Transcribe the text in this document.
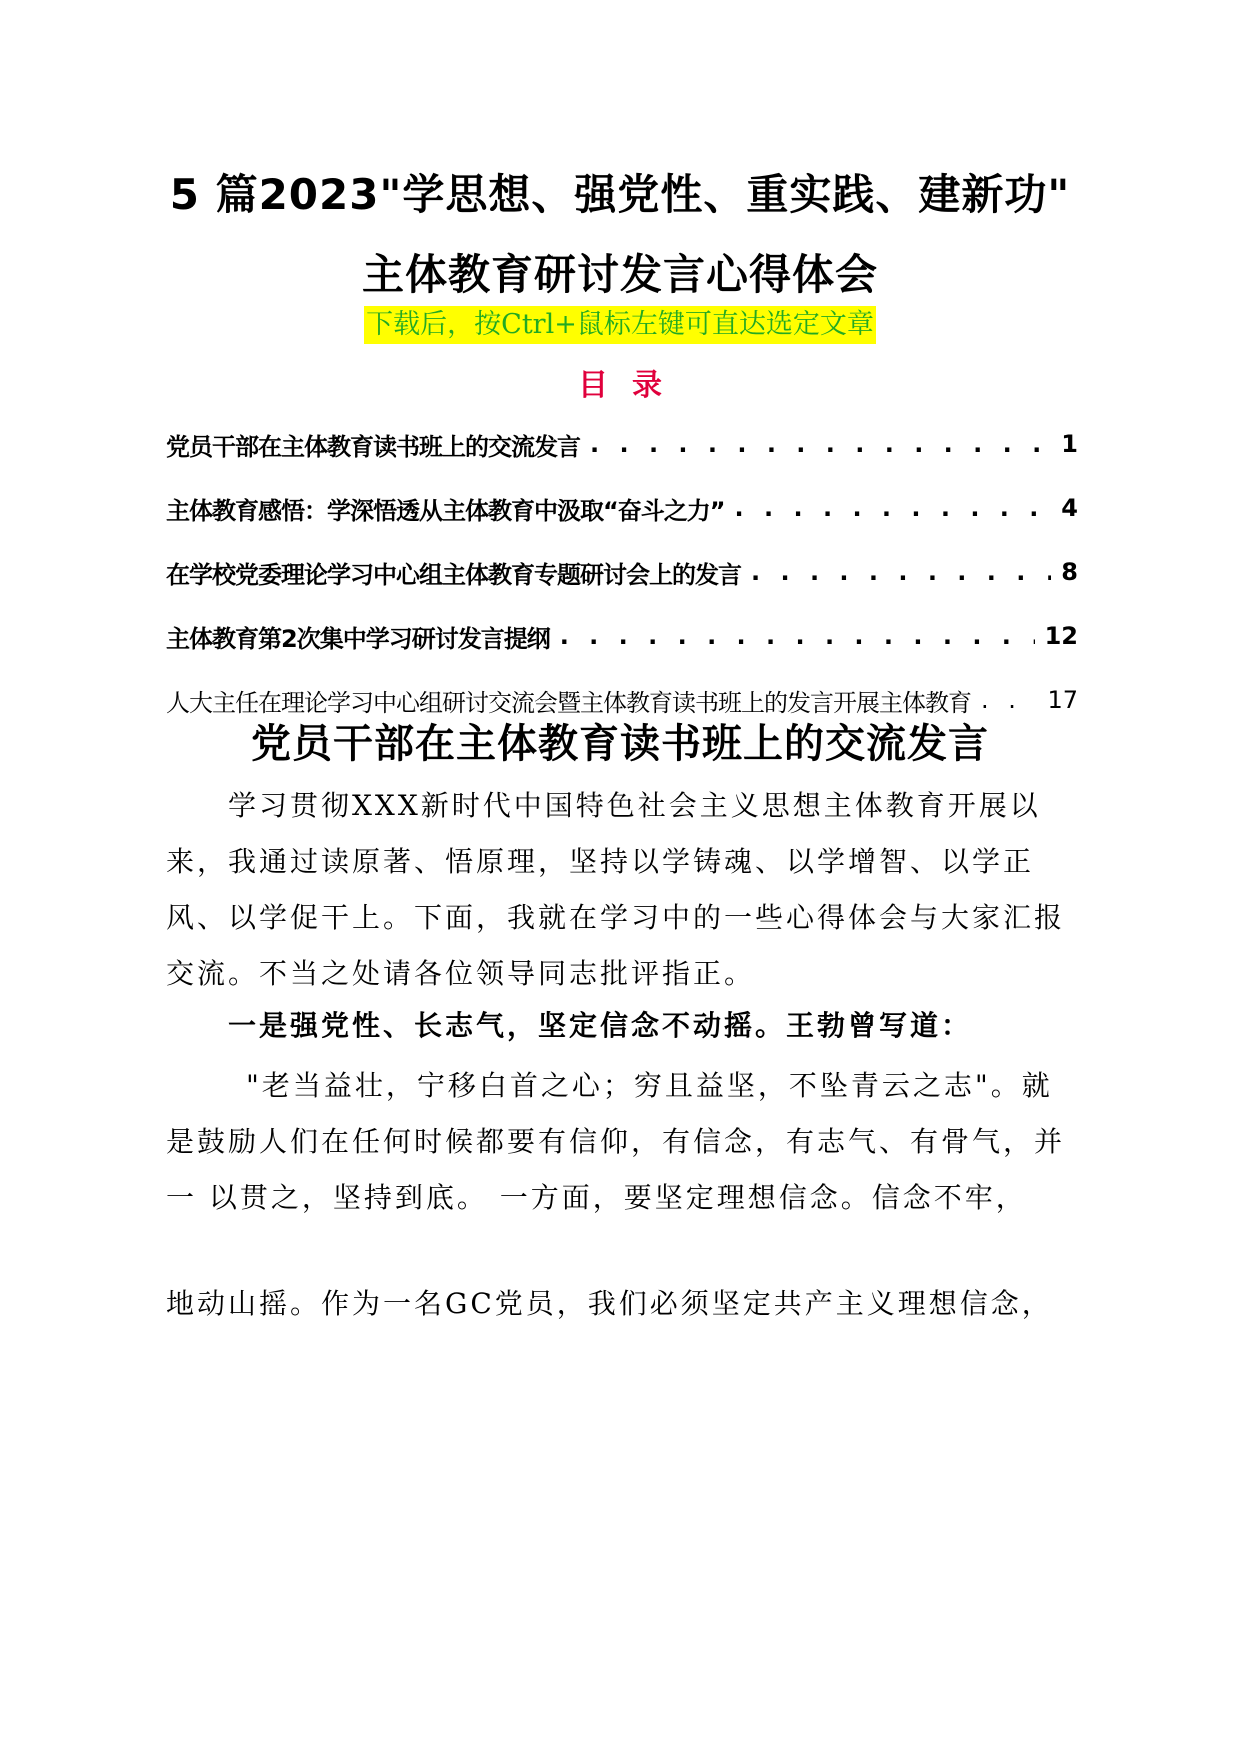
5 篇2023"学思想、强党性、重实践、建新功"
主体教育研讨发言心得体会
下载后，按Ctrl+鼠标左键可直达选定文章
目录
党员干部在主体教育读书班上的交流发言 . . .	1
主体教育感悟：学深悟透从主体教育中汲取“奋斗之力” . . .	4
在学校党委理论学习中心组主体教育专题研讨会上的发言 . . .	8
主体教育第2次集中学习研讨发言提纲 . . .	12
人大主任在理论学习中心组研讨交流会暨主体教育读书班上的发言开展主体教育 . . .	17
党员干部在主体教育读书班上的交流发言
学习贯彻XXX新时代中国特色社会主义思想主体教育开展以来，我通过读原著、悟原理，坚持以学铸魂、以学增智、以学正风、以学促干上。下面，我就在学习中的一些心得体会与大家汇报交流。不当之处请各位领导同志批评指正。
一是强党性、长志气，坚定信念不动摇。王勃曾写道：
"老当益壮，宁移白首之心；穷且益坚，不坠青云之志"。就是鼓励人们在任何时候都要有信仰，有信念，有志气、有骨气，并一 以贯之，坚持到底。 一方面，要坚定理想信念。信念不牢，
地动山摇。作为一名GC党员，我们必须坚定共产主义理想信念，
